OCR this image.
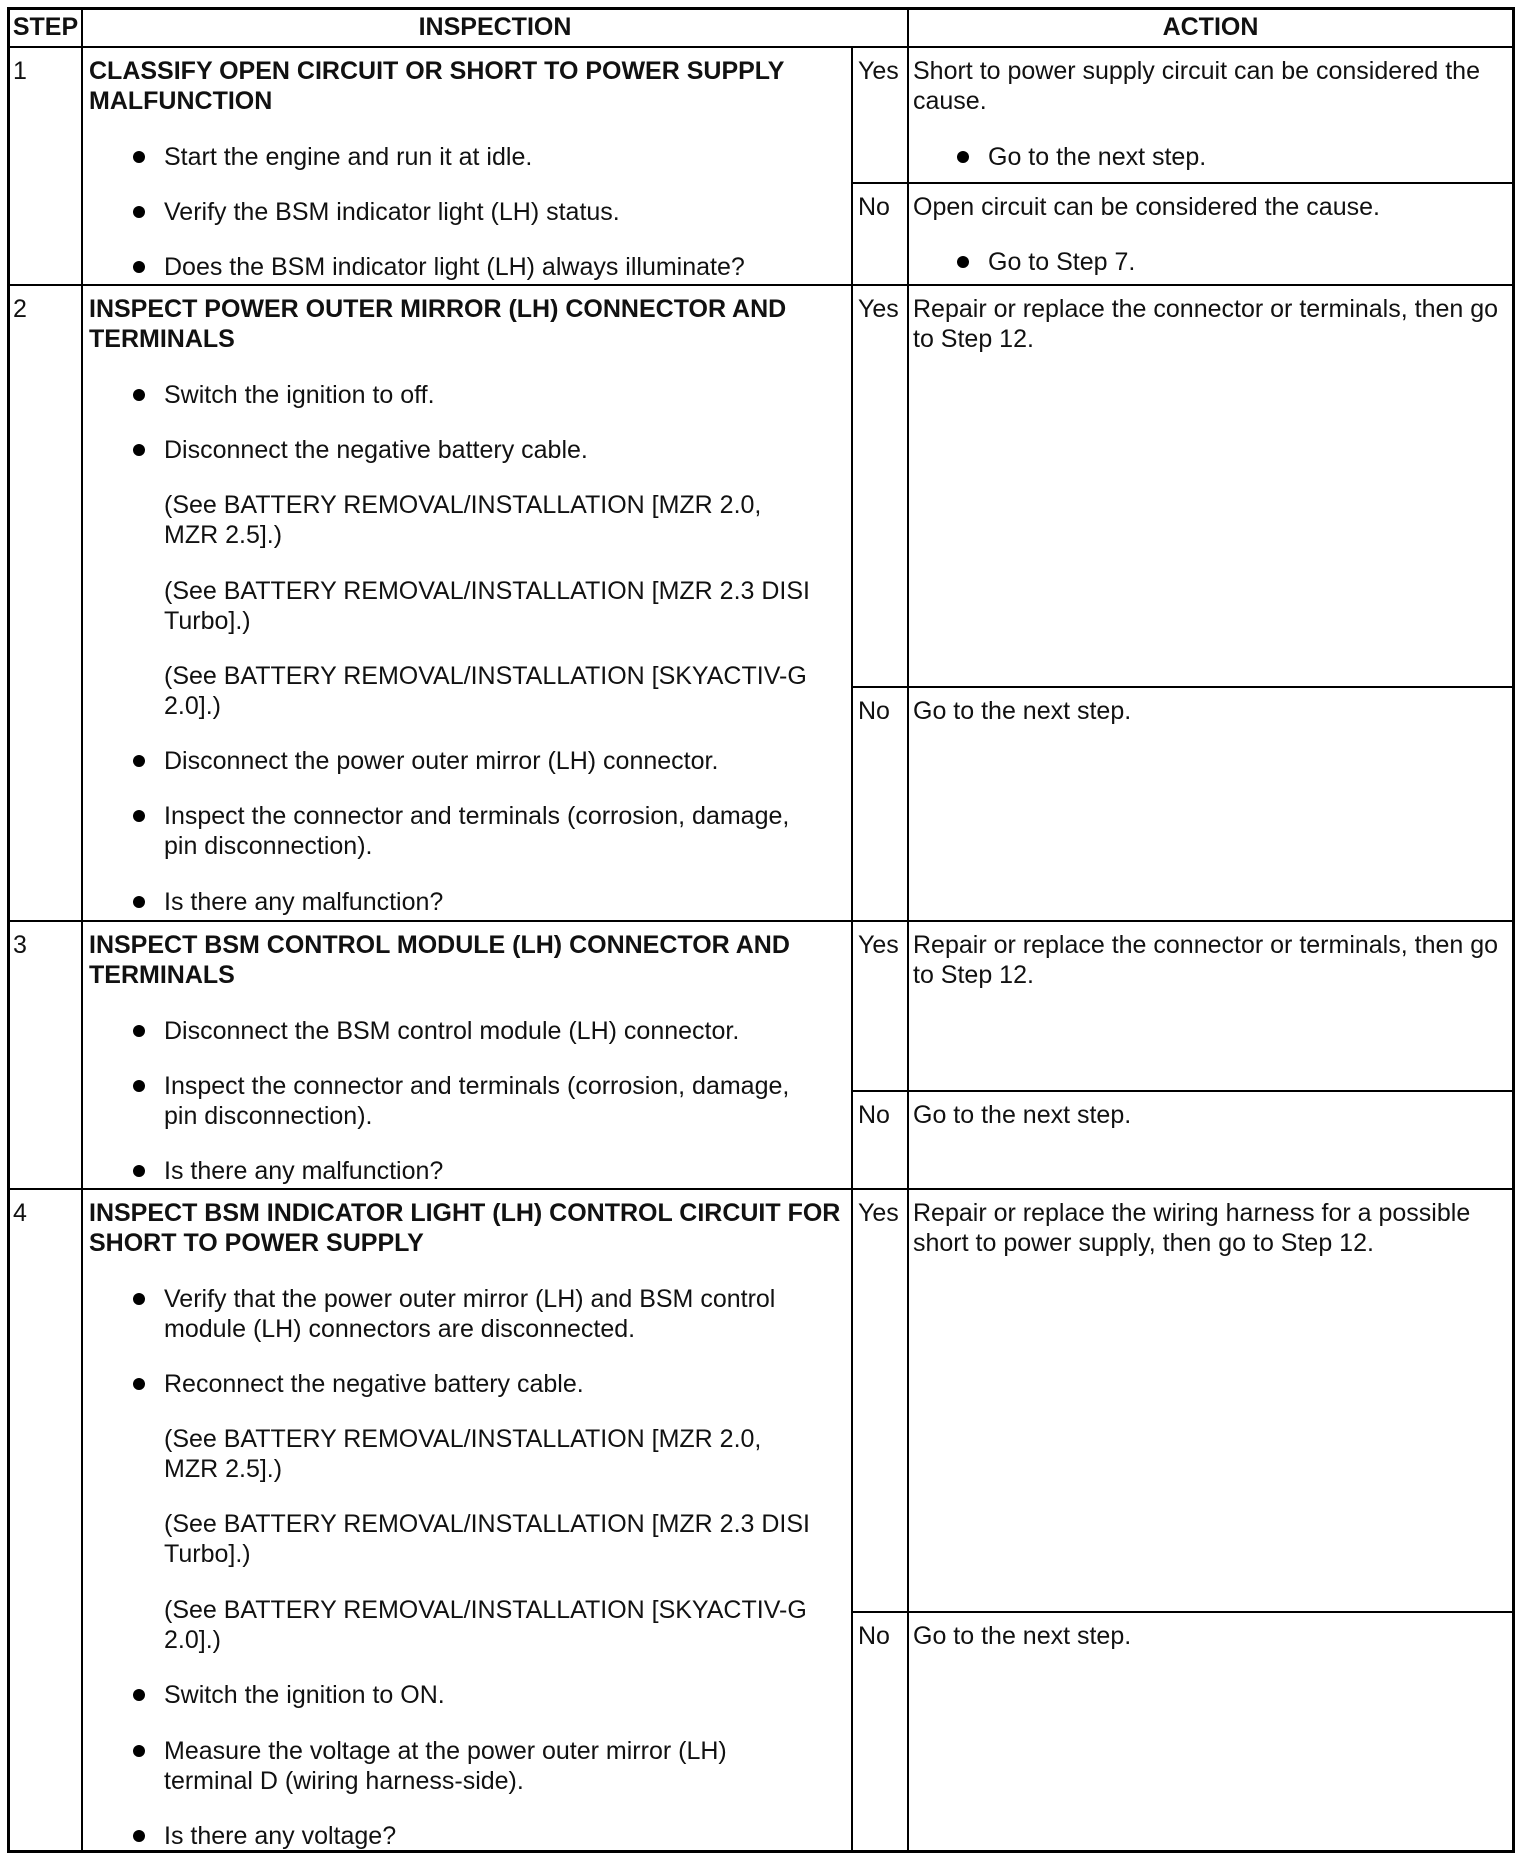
STEP	INSPECTION	ACTION
1 CLASSIFY OPEN CIRCUIT OR SHORT TO POWER SUPPLY
MALFUNCTION
Start the engine and run it at idle.
Verify the BSM indicator light (LH) status.
Does the BSM indicator light (LH) always illuminate?
Yes Short to power supply circuit can be considered the
cause.
Go to the next step.
No Open circuit can be considered the cause.
Go to Step 7.
2 INSPECT POWER OUTER MIRROR (LH) CONNECTOR AND
TERMINALS
Switch the ignition to off.
Disconnect the negative battery cable.
(See BATTERY REMOVAL/INSTALLATION [MZR 2.0,
MZR 2.5].)
(See BATTERY REMOVAL/INSTALLATION [MZR 2.3 DISI
Turbo].)
(See BATTERY REMOVAL/INSTALLATION [SKYACTIV-G
2.0].)
Disconnect the power outer mirror (LH) connector.
Inspect the connector and terminals (corrosion, damage,
pin disconnection).
Is there any malfunction?
Yes Repair or replace the connector or terminals, then go
to Step 12.
No Go to the next step.
3 INSPECT BSM CONTROL MODULE (LH) CONNECTOR AND
TERMINALS
Disconnect the BSM control module (LH) connector.
Inspect the connector and terminals (corrosion, damage,
pin disconnection).
Is there any malfunction?
Yes Repair or replace the connector or terminals, then go
to Step 12.
No Go to the next step.
4 INSPECT BSM INDICATOR LIGHT (LH) CONTROL CIRCUIT FOR
SHORT TO POWER SUPPLY
Verify that the power outer mirror (LH) and BSM control
module (LH) connectors are disconnected.
Reconnect the negative battery cable.
(See BATTERY REMOVAL/INSTALLATION [MZR 2.0,
MZR 2.5].)
(See BATTERY REMOVAL/INSTALLATION [MZR 2.3 DISI
Turbo].)
(See BATTERY REMOVAL/INSTALLATION [SKYACTIV-G
2.0].)
Switch the ignition to ON.
Measure the voltage at the power outer mirror (LH)
terminal D (wiring harness-side).
Is there any voltage?
Yes Repair or replace the wiring harness for a possible
short to power supply, then go to Step 12.
No Go to the next step.
